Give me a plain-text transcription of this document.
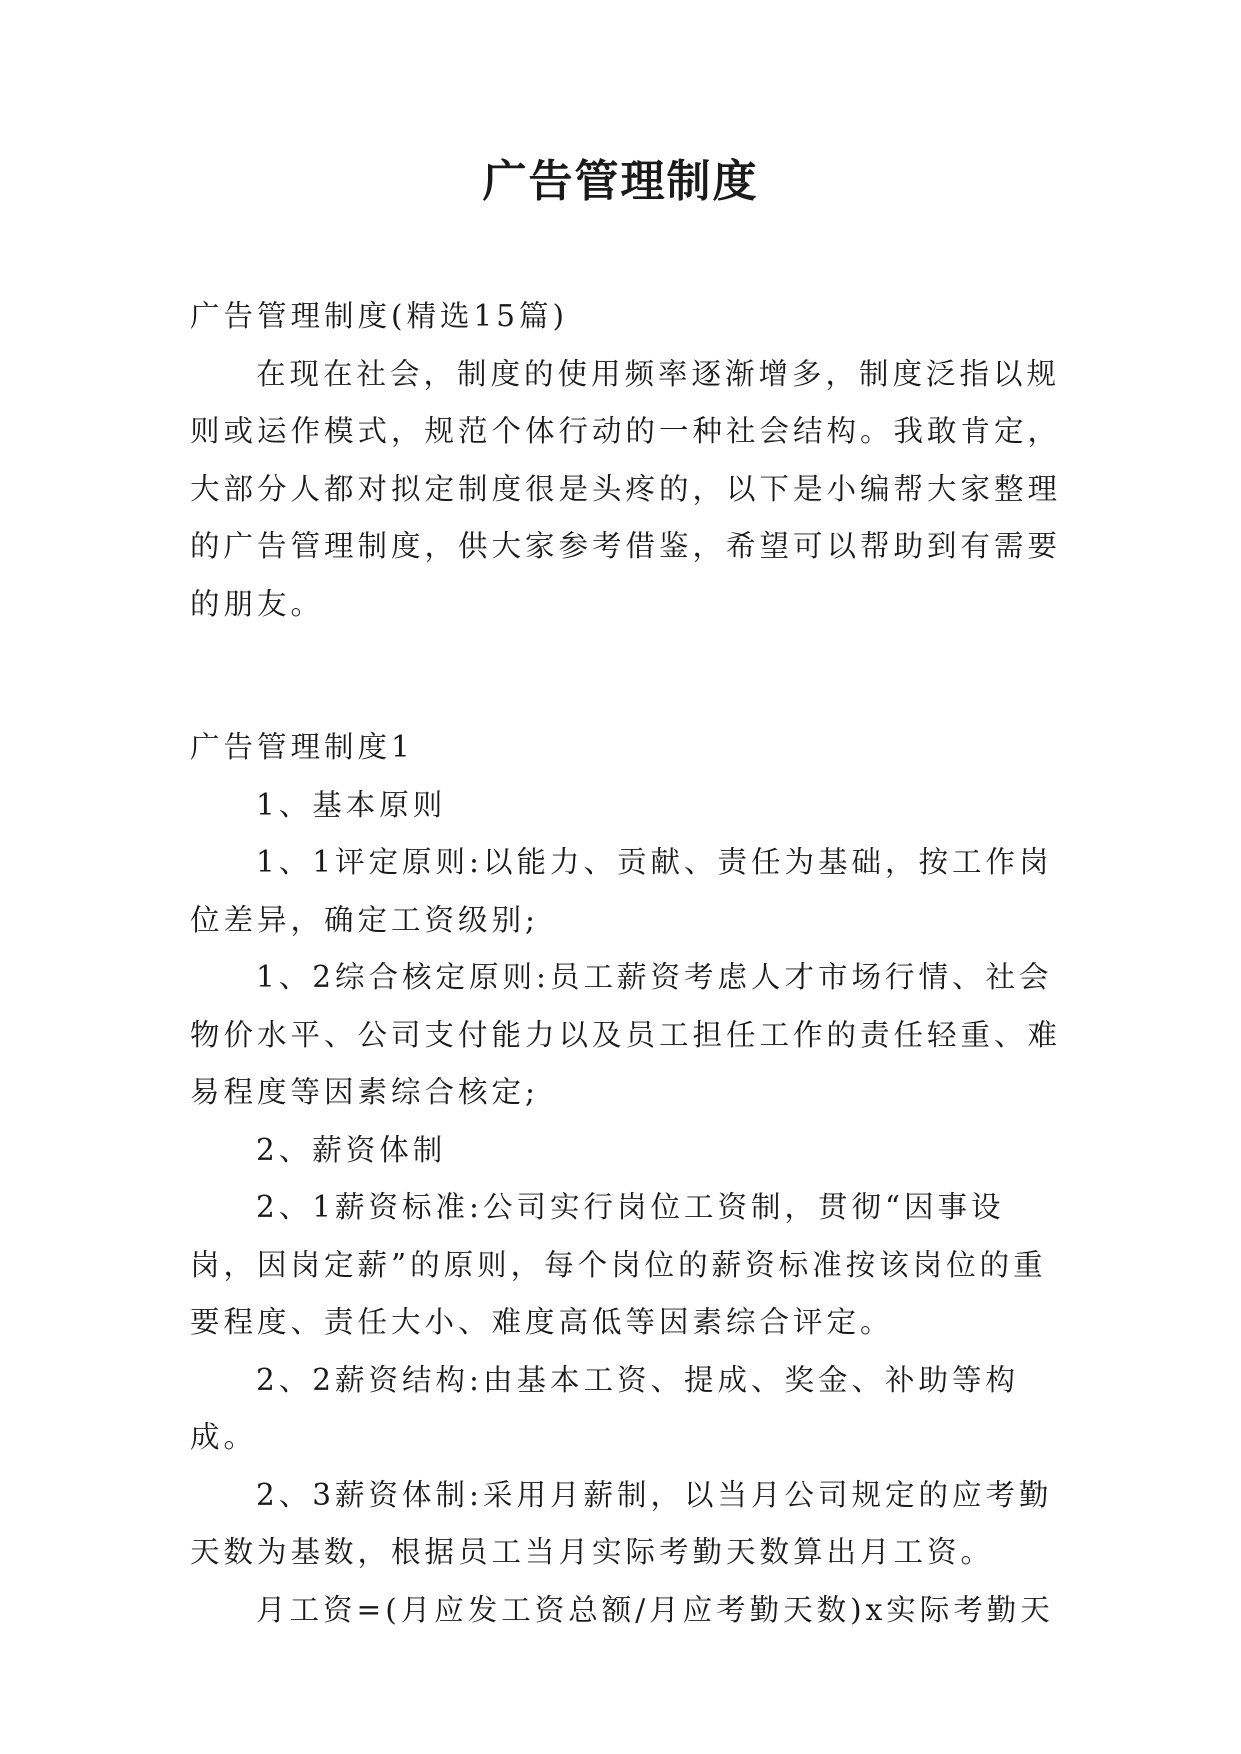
广告管理制度

广告管理制度(精选15篇)

在现在社会，制度的使用频率逐渐增多，制度泛指以规则或运作模式，规范个体行动的一种社会结构。我敢肯定，大部分人都对拟定制度很是头疼的，以下是小编帮大家整理的广告管理制度，供大家参考借鉴，希望可以帮助到有需要的朋友。

广告管理制度1

1、基本原则

1、1评定原则:以能力、贡献、责任为基础，按工作岗位差异，确定工资级别;

1、2综合核定原则:员工薪资考虑人才市场行情、社会物价水平、公司支付能力以及员工担任工作的责任轻重、难易程度等因素综合核定;

2、薪资体制

2、1薪资标准:公司实行岗位工资制，贯彻“因事设岗，因岗定薪”的原则，每个岗位的薪资标准按该岗位的重要程度、责任大小、难度高低等因素综合评定。

2、2薪资结构:由基本工资、提成、奖金、补助等构成。

2、3薪资体制:采用月薪制，以当月公司规定的应考勤天数为基数，根据员工当月实际考勤天数算出月工资。

月工资=(月应发工资总额/月应考勤天数)x实际考勤天
